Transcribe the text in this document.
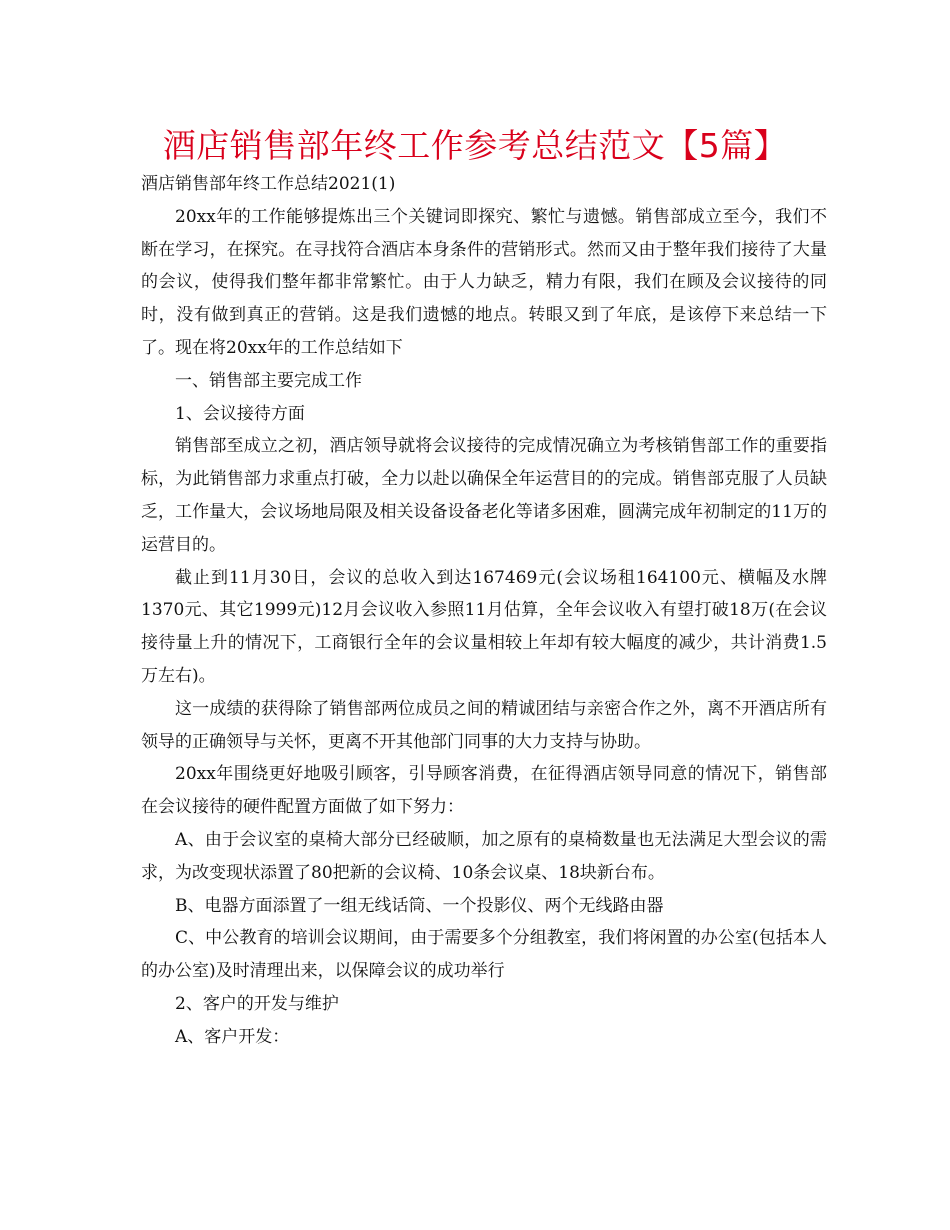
酒店销售部年终工作参考总结范文【5篇】

酒店销售部年终工作总结2021(1)

20xx年的工作能够提炼出三个关键词即探究、繁忙与遗憾。销售部成立至今，我们不断在学习，在探究。在寻找符合酒店本身条件的营销形式。然而又由于整年我们接待了大量的会议，使得我们整年都非常繁忙。由于人力缺乏，精力有限，我们在顾及会议接待的同时，没有做到真正的营销。这是我们遗憾的地点。转眼又到了年底，是该停下来总结一下了。现在将20xx年的工作总结如下

一、销售部主要完成工作

1、会议接待方面

销售部至成立之初，酒店领导就将会议接待的完成情况确立为考核销售部工作的重要指标，为此销售部力求重点打破，全力以赴以确保全年运营目的的完成。销售部克服了人员缺乏，工作量大，会议场地局限及相关设备设备老化等诸多困难，圆满完成年初制定的11万的运营目的。

截止到11月30日，会议的总收入到达167469元(会议场租164100元、横幅及水牌1370元、其它1999元)12月会议收入参照11月估算，全年会议收入有望打破18万(在会议接待量上升的情况下，工商银行全年的会议量相较上年却有较大幅度的减少，共计消费1.5万左右)。

这一成绩的获得除了销售部两位成员之间的精诚团结与亲密合作之外，离不开酒店所有领导的正确领导与关怀，更离不开其他部门同事的大力支持与协助。

20xx年围绕更好地吸引顾客，引导顾客消费，在征得酒店领导同意的情况下，销售部在会议接待的硬件配置方面做了如下努力：

A、由于会议室的桌椅大部分已经破顺，加之原有的桌椅数量也无法满足大型会议的需求，为改变现状添置了80把新的会议椅、10条会议桌、18块新台布。

B、电器方面添置了一组无线话筒、一个投影仪、两个无线路由器

C、中公教育的培训会议期间，由于需要多个分组教室，我们将闲置的办公室(包括本人的办公室)及时清理出来，以保障会议的成功举行

2、客户的开发与维护

A、客户开发：
